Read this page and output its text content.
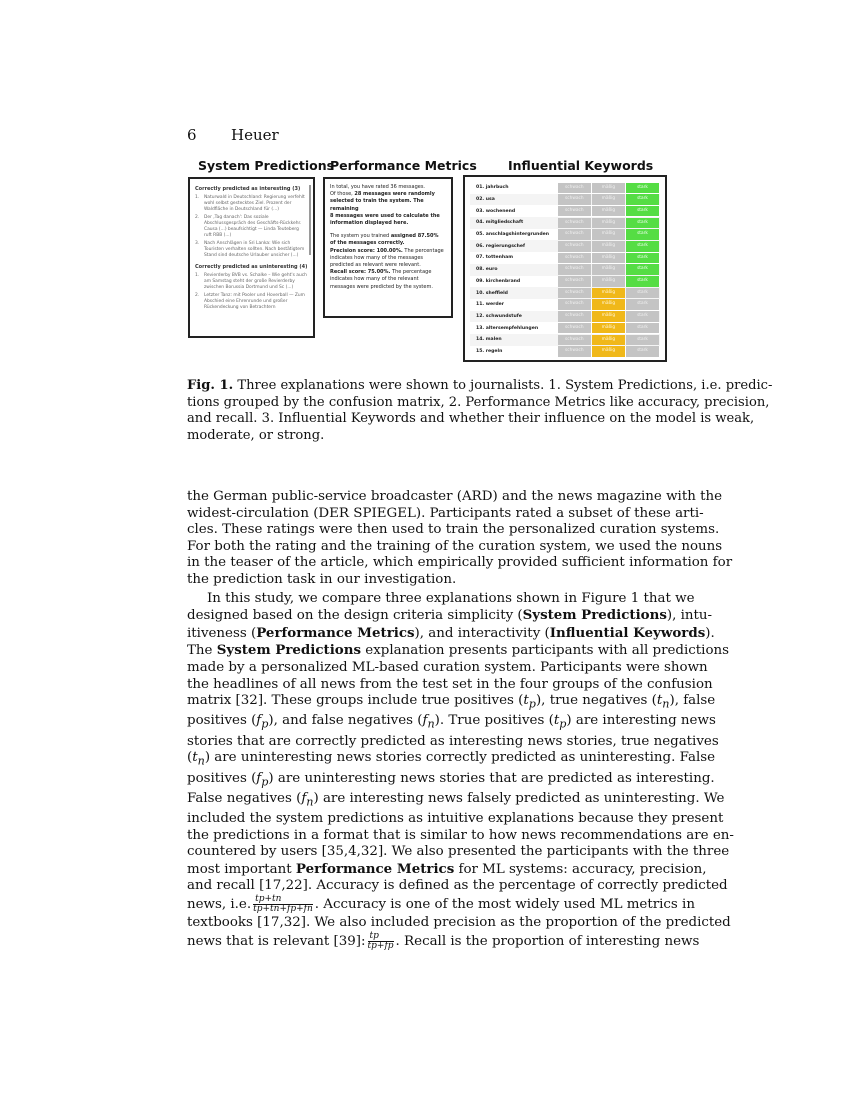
6 Heuer
System Predictions
Performance Metrics Influential Keywords
Correctly predicted as interesting (3)
1.	Naturwald in Deutschland: Regierung verfehlt wohl selbst gestecktes Ziel. Prozent der Waldfläche in Deutschland für (...)
2.	Der ‚Tag danach': Das soziale Abschlussgespräch des Geschäfts-Rückkehr. Causa (...) beaufsichtigt — Linda Teuteberg ruft RBB (...)
3.	Nach Anschlägen in Sri Lanka: Wie sich Touristen verhalten sollten. Nach bestätigtem Stand sind deutsche Urlauber unsicher (...)
Correctly predicted as uninteresting (4)
1.	Revierderby BVB vs. Schalke – Wie geht's auch am Samstag steht der große Revierderby zwischen Borussia Dortmund und Sc (...)
2.	Letzter Tanz: mit Pooler und Hoverball — Zum Abschied eine Ehrenrunde und großer Rückendeckung von Betrachtern

In total, you have rated 36 messages.
Of those, 28 messages were randomly
selected to train the system. The remaining
8 messages were used to calculate the
information displayed here.

The system you trained assigned 87.50%
of the messages correctly.
Precision score: 100.00%. The percentage
indicates how many of the messages
predicted as relevant were relevant.
Recall score: 75.00%. The percentage
indicates how many of the relevant
messages were predicted by the system.

01. jahrbuch	schwach	mäßig	stark
02. usa	schwach	mäßig	stark
03. wochenend	schwach	mäßig	stark
04. mitgliedschaft	schwach	mäßig	stark
05. anschlagshintergrunden	schwach	mäßig	stark
06. regierungschef	schwach	mäßig	stark
07. tottenham	schwach	mäßig	stark
08. euro	schwach	mäßig	stark
09. kirchenbrand	schwach	mäßig	stark
10. sheffield	schwach	mäßig	stark
11. werder	schwach	mäßig	stark
12. schwundstufe	schwach	mäßig	stark
13. altersempfehlungen	schwach	mäßig	stark
14. malen	schwach	mäßig	stark
15. regeln	schwach	mäßig	stark
Fig. 1. Three explanations were shown to journalists. 1. System Predictions, i.e. predic-
tions grouped by the confusion matrix, 2. Performance Metrics like accuracy, precision,
and recall. 3. Influential Keywords and whether their influence on the model is weak,
moderate, or strong.
the German public-service broadcaster (ARD) and the news magazine with the
widest-circulation (DER SPIEGEL). Participants rated a subset of these arti-
cles. These ratings were then used to train the personalized curation systems.
For both the rating and the training of the curation system, we used the nouns
in the teaser of the article, which empirically provided sufficient information for
the prediction task in our investigation.
In this study, we compare three explanations shown in Figure 1 that we
designed based on the design criteria simplicity (System Predictions), intu-
itiveness (Performance Metrics), and interactivity (Influential Keywords).
The System Predictions explanation presents participants with all predictions
made by a personalized ML-based curation system. Participants were shown
the headlines of all news from the test set in the four groups of the confusion
matrix [32]. These groups include true positives $(t_p)$, true negatives $(t_n)$, false
positives $(f_p)$, and false negatives $(f_n)$. True positives $(t_p)$ are interesting news
stories that are correctly predicted as interesting news stories, true negatives
$(t_n)$ are uninteresting news stories correctly predicted as uninteresting. False
positives $(f_p)$ are uninteresting news stories that are predicted as interesting.
False negatives $(f_n)$ are interesting news falsely predicted as uninteresting. We
included the system predictions as intuitive explanations because they present
the predictions in a format that is similar to how news recommendations are en-
countered by users [35,4,32]. We also presented the participants with the three
most important Performance Metrics for ML systems: accuracy, precision,
and recall [17,22]. Accuracy is defined as the percentage of correctly predicted
news, i.e. $\frac{tp+tn}{tp+tn+fp+fn}$ . Accuracy is one of the most widely used ML metrics in
textbooks [17,32]. We also included precision as the proportion of the predicted
news that is relevant [39]: $\frac{tp}{tp+fp}$ . Recall is the proportion of interesting news
